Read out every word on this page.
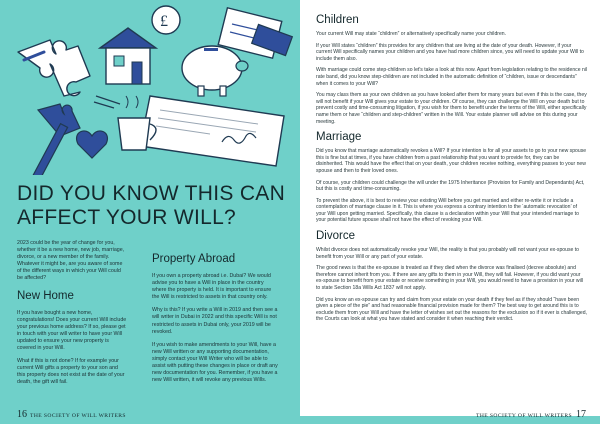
£
DID YOU KNOW THIS CAN AFFECT YOUR WILL?

2023 could be the year of change for you, whether it be a new home, new job, marriage, divorce, or a new member of the family. Whatever it might be, are you aware of some of the different ways in which your Will could be affected?

New Home

If you have bought a new home, congratulations! Does your current Will include your previous home address? If so, please get in touch with your will writer to have your Will updated to ensure your new property is covered in your Will.

What if this is not done? If for example your current Will gifts a property to your son and this property does not exist at the date of your death, the gift will fail.

Property Abroad

If you own a property abroad i.e. Dubai? We would advise you to have a Will in place in the country where the property is held. It is important to ensure the Will is restricted to assets in that country only.

Why is this? If you write a Will in 2019 and then see a will writer in Dubai in 2022 and this specific Will is not restricted to assets in Dubai only, your 2019 will be revoked.

If you wish to make amendments to your Will, have a new Will written or any supporting documentation, simply contact your Will Writer who will be able to assist with putting these changes in place or draft any new documentation for you. Remember, if you have a new Will written, it will revoke any previous Wills.

16 THE SOCIETY OF WILL WRITERS
Children

Your current Will may state “children” or alternatively specifically name your children.

If your Will states “children” this provides for any children that are living at the date of your death. However, if your current Will specifically names your children and you have had more children since, you will need to update your Will to include them also.

With marriage could come step-children so let's take a look at this now. Apart from legislation relating to the residence nil rate band, did you know step-children are not included in the automatic definition of “children, issue or descendants” when it comes to your Will?

You may class them as your own children as you have looked after them for many years but even if this is the case, they will not benefit if your Will gives your estate to your children. Of course, they can challenge the Will on your death but to prevent costly and time-consuming litigation, if you wish for them to benefit under the terms of the Will, either specifically name them or have “children and step-children” written in the Will. Your estate planner will advise on this during your meeting.

Marriage

Did you know that marriage automatically revokes a Will? If your intention is for all your assets to go to your new spouse this is fine but at times, if you have children from a past relationship that you want to provide for, they can be disinherited. This would have the effect that on your death, your children receive nothing, everything passes to your new spouse and then to their loved ones.

Of course, your children could challenge the will under the 1975 Inheritance (Provision for Family and Dependants) Act, but this is costly and time-consuming.

To prevent the above, it is best to review your existing Will before you get married and either re-write it or include a contemplation of marriage clause in it. This is where you express a contrary intention to the ‘automatic revocation’ of your Will upon getting married. Specifically, this clause is a declaration within your Will that your intended marriage to your potential future spouse shall not have the effect of revoking your Will.

Divorce

Whilst divorce does not automatically revoke your Will, the reality is that you probably will not want your ex-spouse to benefit from your Will or any part of your estate.

The good news is that the ex-spouse is treated as if they died when the divorce was finalised (decree absolute) and therefore cannot inherit from you. If there are any gifts to them in your Will, they will fail. However, if you did want your ex-spouse to benefit from your estate or receive something in your Will, you would need to have a provision in your will to state Section 18a Wills Act 1837 will not apply.

Did you know an ex-spouse can try and claim from your estate on your death if they feel as if they should “have been given a piece of the pie” and had reasonable financial provision made for them? The best way to get around this is to exclude them from your Will and have the letter of wishes set out the reasons for the exclusion so if it ever is challenged, the Courts can look at what you have stated and consider it when reaching their verdict.

THE SOCIETY OF WILL WRITERS 17
